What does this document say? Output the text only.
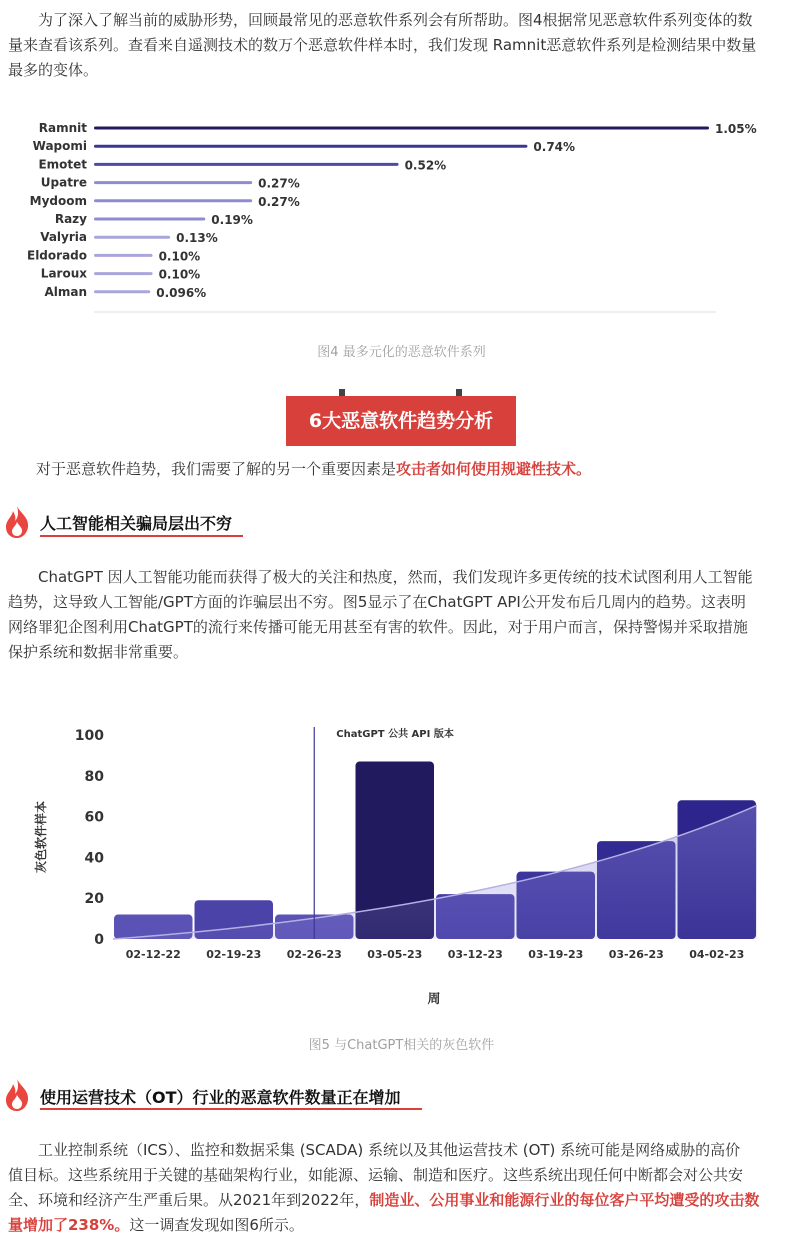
为了深入了解当前的威胁形势，回顾最常见的恶意软件系列会有所帮助。图4根据常见恶意软件系列变体的数
量来查看该系列。查看来自遥测技术的数万个恶意软件样本时，我们发现 Ramnit恶意软件系列是检测结果中数量
最多的变体。
Ramnit	1.05%
Wapomi	0.74%
Emotet	0.52%
Upatre	0.27%
Mydoom	0.27%
Razy	0.19%
Valyria	0.13%
Eldorado	0.10%
Laroux	0.10%
Alman	0.096%
图4 最多元化的恶意软件系列
6大恶意软件趋势分析
对于恶意软件趋势，我们需要了解的另一个重要因素是攻击者如何使用规避性技术。
人工智能相关骗局层出不穷
ChatGPT 因人工智能功能而获得了极大的关注和热度，然而，我们发现许多更传统的技术试图利用人工智能
趋势，这导致人工智能/GPT方面的诈骗层出不穷。图5显示了在ChatGPT API公开发布后几周内的趋势。这表明
网络罪犯企图利用ChatGPT的流行来传播可能无用甚至有害的软件。因此，对于用户而言，保持警惕并采取措施
保护系统和数据非常重要。
0
20
40
60
80
100
02-12-22 02-19-23 02-26-23 03-05-23 03-12-23 03-19-23 03-26-23 04-02-23
ChatGPT 公共 API 版本
灰色软件样本
周
图5 与ChatGPT相关的灰色软件
使用运营技术（OT）行业的恶意软件数量正在增加
工业控制系统（ICS）、监控和数据采集 (SCADA) 系统以及其他运营技术 (OT) 系统可能是网络威胁的高价
值目标。这些系统用于关键的基础架构行业，如能源、运输、制造和医疗。这些系统出现任何中断都会对公共安
全、环境和经济产生严重后果。从2021年到2022年，制造业、公用事业和能源行业的每位客户平均遭受的攻击数
量增加了238%。这一调查发现如图6所示。
